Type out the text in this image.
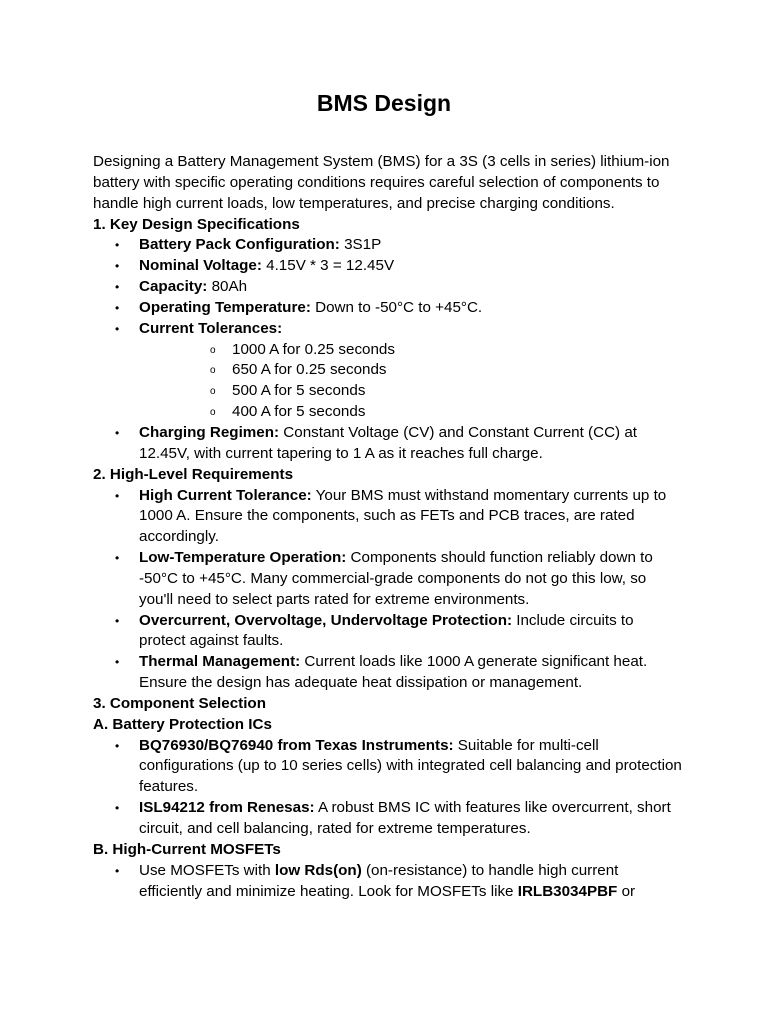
BMS Design

Designing a Battery Management System (BMS) for a 3S (3 cells in series) lithium-ion battery with specific operating conditions requires careful selection of components to handle high current loads, low temperatures, and precise charging conditions.

1. Key Design Specifications

• Battery Pack Configuration: 3S1P
• Nominal Voltage: 4.15V * 3 = 12.45V
• Capacity: 80Ah
• Operating Temperature: Down to -50°C to +45°C.
• Current Tolerances:
o 1000 A for 0.25 seconds
o 650 A for 0.25 seconds
o 500 A for 5 seconds
o 400 A for 5 seconds
• Charging Regimen: Constant Voltage (CV) and Constant Current (CC) at 12.45V, with current tapering to 1 A as it reaches full charge.

2. High-Level Requirements

• High Current Tolerance: Your BMS must withstand momentary currents up to 1000 A. Ensure the components, such as FETs and PCB traces, are rated accordingly.
• Low-Temperature Operation: Components should function reliably down to -50°C to +45°C. Many commercial-grade components do not go this low, so you'll need to select parts rated for extreme environments.
• Overcurrent, Overvoltage, Undervoltage Protection: Include circuits to protect against faults.
• Thermal Management: Current loads like 1000 A generate significant heat. Ensure the design has adequate heat dissipation or management.

3. Component Selection

A. Battery Protection ICs

• BQ76930/BQ76940 from Texas Instruments: Suitable for multi-cell configurations (up to 10 series cells) with integrated cell balancing and protection features.
• ISL94212 from Renesas: A robust BMS IC with features like overcurrent, short circuit, and cell balancing, rated for extreme temperatures.

B. High-Current MOSFETs

• Use MOSFETs with low Rds(on) (on-resistance) to handle high current efficiently and minimize heating. Look for MOSFETs like IRLB3034PBF or
